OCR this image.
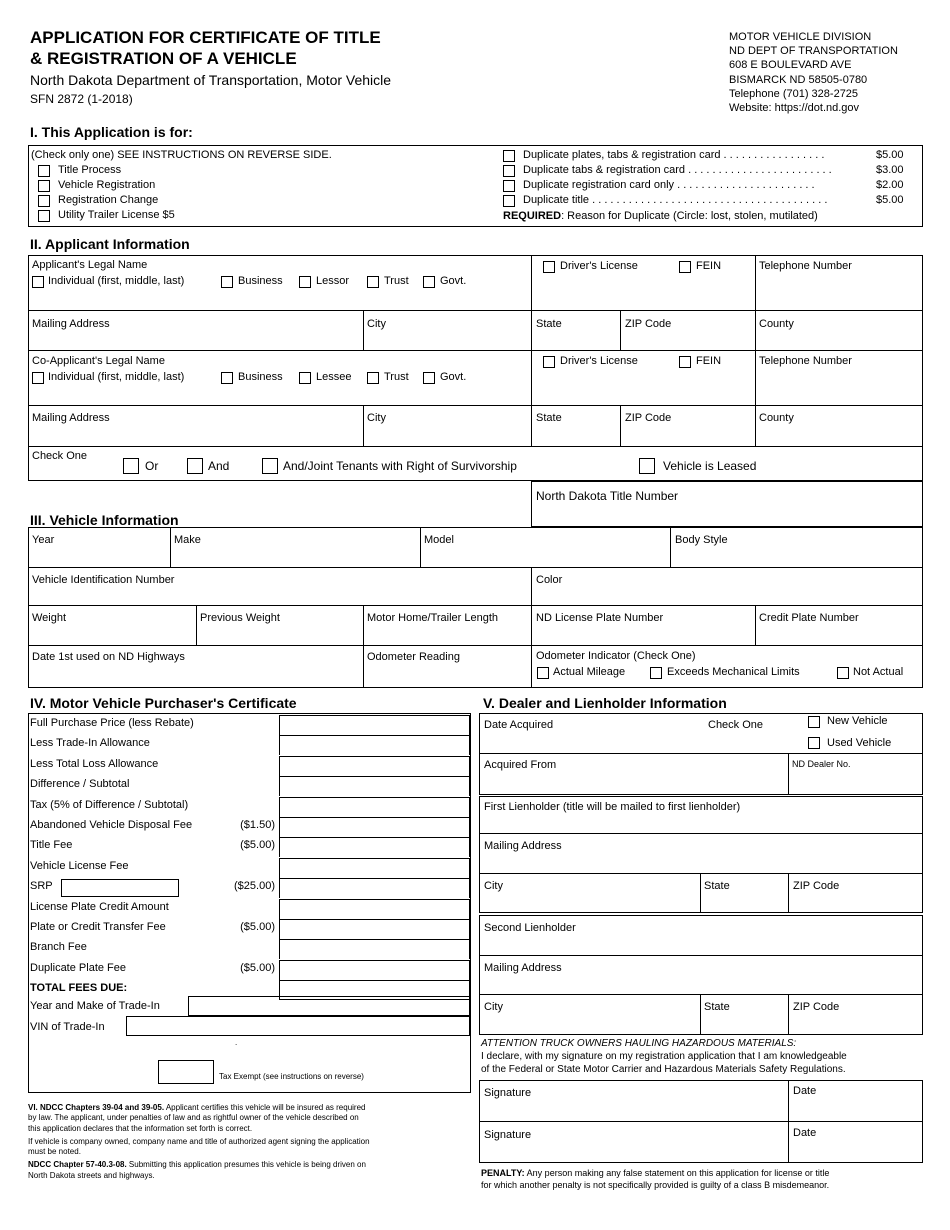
APPLICATION FOR CERTIFICATE OF TITLE
& REGISTRATION OF A VEHICLE
North Dakota Department of Transportation, Motor Vehicle
SFN 2872 (1-2018)
MOTOR VEHICLE DIVISION
ND DEPT OF TRANSPORTATION
608 E BOULEVARD AVE
BISMARCK ND 58505-0780
Telephone (701) 328-2725
Website: https://dot.nd.gov
I. This Application is for:
(Check only one) SEE INSTRUCTIONS ON REVERSE SIDE.
Title Process
Vehicle Registration
Registration Change
Utility Trailer License $5
Duplicate plates, tabs & registration card . . . . . . . . . . . . . . . . .	$5.00
Duplicate tabs & registration card . . . . . . . . . . . . . . . . . . . . . . . .	$3.00
Duplicate registration card only . . . . . . . . . . . . . . . . . . . . . . .	$2.00
Duplicate title . . . . . . . . . . . . . . . . . . . . . . . . . . . . . . . . . . . . . . .	$5.00
REQUIRED: Reason for Duplicate (Circle: lost, stolen, mutilated)
II. Applicant Information
Applicant's Legal Name
Individual (first, middle, last)	Business	Lessor	Trust	Govt.
Driver's License	FEIN	Telephone Number
Mailing Address	City	State	ZIP Code	County
Co-Applicant's Legal Name
Individual (first, middle, last)	Business	Lessee	Trust	Govt.
Driver's License	FEIN	Telephone Number
Mailing Address	City	State	ZIP Code	County
Check One
Or	And	And/Joint Tenants with Right of Survivorship	Vehicle is Leased
North Dakota Title Number
III. Vehicle Information
Year	Make	Model	Body Style
Vehicle Identification Number	Color
Weight	Previous Weight	Motor Home/Trailer Length	ND License Plate Number	Credit Plate Number
Date 1st used on ND Highways	Odometer Reading	Odometer Indicator (Check One)
Actual Mileage	Exceeds Mechanical Limits	Not Actual
IV. Motor Vehicle Purchaser's Certificate
Full Purchase Price (less Rebate)
Less Trade-In Allowance
Less Total Loss Allowance
Difference / Subtotal
Tax (5% of Difference / Subtotal)
Abandoned Vehicle Disposal Fee	($1.50)
Title Fee	($5.00)
Vehicle License Fee
SRP	($25.00)
License Plate Credit Amount
Plate or Credit Transfer Fee	($5.00)
Branch Fee
Duplicate Plate Fee	($5.00)
TOTAL FEES DUE:
Year and Make of Trade-In
VIN of Trade-In
.
Tax Exempt (see instructions on reverse)
V. Dealer and Lienholder Information
Date Acquired	Check One	New Vehicle
Used Vehicle
Acquired From	ND Dealer No.
First Lienholder (title will be mailed to first lienholder)
Mailing Address
City	State	ZIP Code
Second Lienholder
Mailing Address
City	State	ZIP Code
ATTENTION TRUCK OWNERS HAULING HAZARDOUS MATERIALS:
I declare, with my signature on my registration application that I am knowledgeable
of the Federal or State Motor Carrier and Hazardous Materials Safety Regulations.
Signature	Date
Signature	Date
PENALTY: Any person making any false statement on this application for license or title
for which another penalty is not specifically provided is guilty of a class B misdemeanor.
VI. NDCC Chapters 39-04 and 39-05. Applicant certifies this vehicle will be insured as required
by law. The applicant, under penalties of law and as rightful owner of the vehicle described on
this application declares that the information set forth is correct.
If vehicle is company owned, company name and title of authorized agent signing the application
must be noted.
NDCC Chapter 57-40.3-08. Submitting this application presumes this vehicle is being driven on
North Dakota streets and highways.
